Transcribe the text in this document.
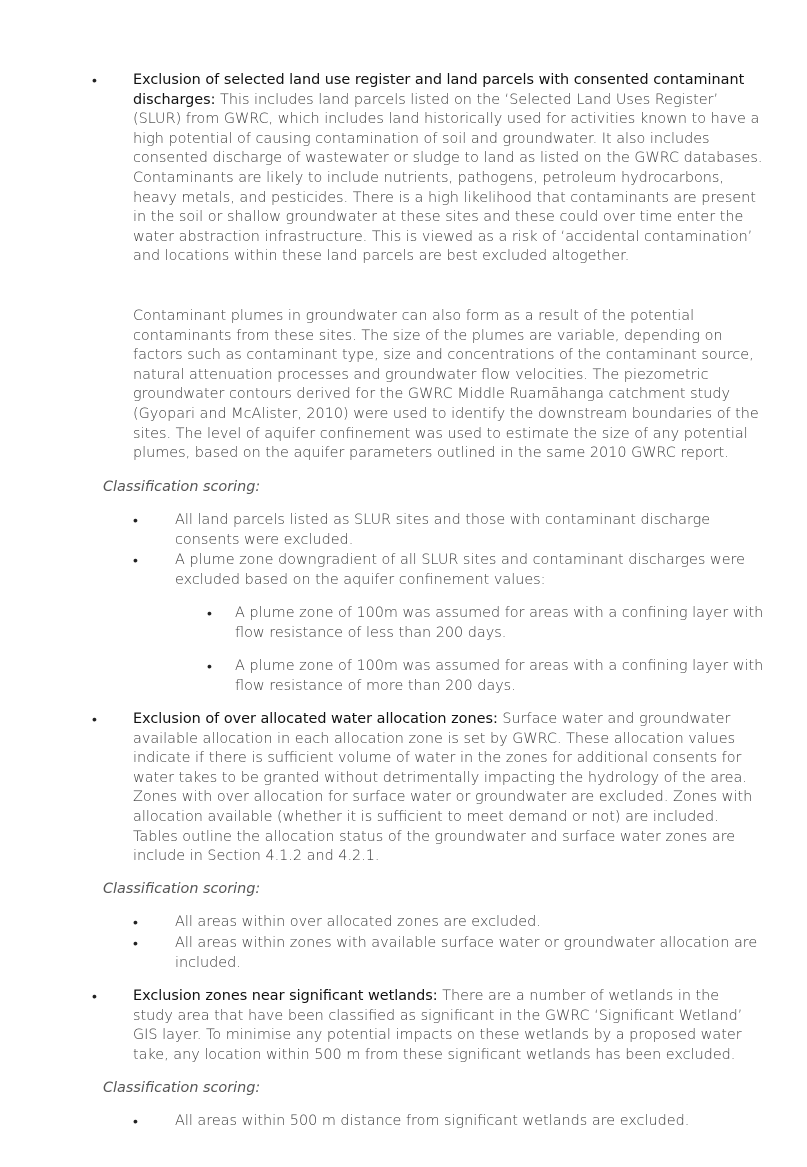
•	Exclusion of selected land use register and land parcels with consented contaminant discharges: This includes land parcels listed on the ‘Selected Land Uses Register’ (SLUR) from GWRC, which includes land historically used for activities known to have a high potential of causing contamination of soil and groundwater. It also includes consented discharge of wastewater or sludge to land as listed on the GWRC databases. Contaminants are likely to include nutrients, pathogens, petroleum hydrocarbons, heavy metals, and pesticides. There is a high likelihood that contaminants are present in the soil or shallow groundwater at these sites and these could over time enter the water abstraction infrastructure. This is viewed as a risk of ‘accidental contamination’ and locations within these land parcels are best excluded altogether.

Contaminant plumes in groundwater can also form as a result of the potential contaminants from these sites. The size of the plumes are variable, depending on factors such as contaminant type, size and concentrations of the contaminant source, natural attenuation processes and groundwater flow velocities. The piezometric groundwater contours derived for the GWRC Middle Ruamāhanga catchment study (Gyopari and McAlister, 2010) were used to identify the downstream boundaries of the sites. The level of aquifer confinement was used to estimate the size of any potential plumes, based on the aquifer parameters outlined in the same 2010 GWRC report.

Classification scoring:

•	All land parcels listed as SLUR sites and those with contaminant discharge consents were excluded.

•	A plume zone downgradient of all SLUR sites and contaminant discharges were excluded based on the aquifer confinement values:

• A plume zone of 100m was assumed for areas with a confining layer with flow resistance of less than 200 days.

• A plume zone of 100m was assumed for areas with a confining layer with flow resistance of more than 200 days.

•	Exclusion of over allocated water allocation zones: Surface water and groundwater available allocation in each allocation zone is set by GWRC. These allocation values indicate if there is sufficient volume of water in the zones for additional consents for water takes to be granted without detrimentally impacting the hydrology of the area. Zones with over allocation for surface water or groundwater are excluded. Zones with allocation available (whether it is sufficient to meet demand or not) are included. Tables outline the allocation status of the groundwater and surface water zones are include in Section 4.1.2 and 4.2.1.

Classification scoring:

•	All areas within over allocated zones are excluded.

•	All areas within zones with available surface water or groundwater allocation are included.

•	Exclusion zones near significant wetlands: There are a number of wetlands in the study area that have been classified as significant in the GWRC ‘Significant Wetland’ GIS layer. To minimise any potential impacts on these wetlands by a proposed water take, any location within 500 m from these significant wetlands has been excluded.

Classification scoring:

•	All areas within 500 m distance from significant wetlands are excluded.
